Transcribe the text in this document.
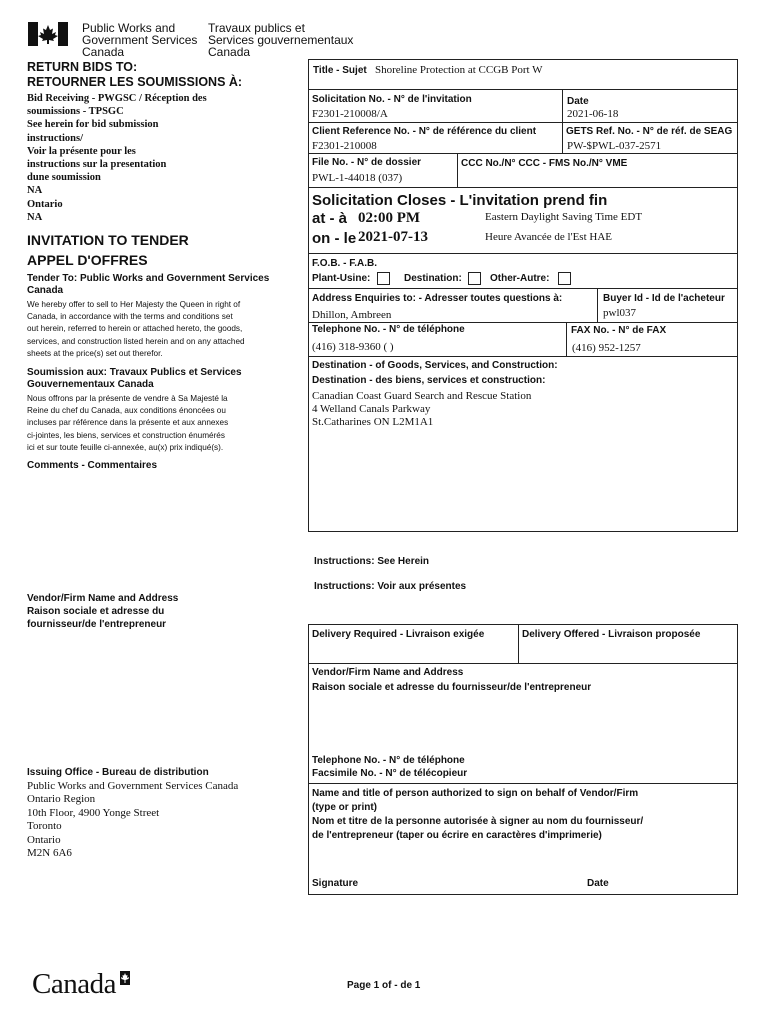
Public Works and
Government Services
Canada
Travaux publics et
Services gouvernementaux
Canada
RETURN BIDS TO:
RETOURNER LES SOUMISSIONS À:
Bid Receiving - PWGSC / Réception des
soumissions - TPSGC
See herein for bid submission
instructions/
Voir la présente pour les
instructions sur la presentation
dune soumission
NA
Ontario
NA
INVITATION TO TENDER
APPEL D'OFFRES
Tender To: Public Works and Government Services
Canada
We hereby offer to sell to Her Majesty the Queen in right of
Canada, in accordance with the terms and conditions set
out herein, referred to herein or attached hereto, the goods,
services, and construction listed herein and on any attached
sheets at the price(s) set out therefor.
Soumission aux: Travaux Publics et Services
Gouvernementaux Canada
Nous offrons par la présente de vendre à Sa Majesté la
Reine du chef du Canada, aux conditions énoncées ou
incluses par référence dans la présente et aux annexes
ci-jointes, les biens, services et construction énumérés
ici et sur toute feuille ci-annexée, au(x) prix indiqué(s).
Comments - Commentaires
Vendor/Firm Name and Address
Raison sociale et adresse du
fournisseur/de l'entrepreneur
Issuing Office - Bureau de distribution
Public Works and Government Services Canada
Ontario Region
10th Floor, 4900 Yonge Street
Toronto
Ontario
M2N 6A6
Title - Sujet Shoreline Protection at CCGB Port W
Solicitation No. - N° de l'invitation
F2301-210008/A
Date
2021-06-18
Client Reference No. - N° de référence du client
F2301-210008
GETS Ref. No. - N° de réf. de SEAG
PW-$PWL-037-2571
File No. - N° de dossier
PWL-1-44018 (037)
CCC No./N° CCC - FMS No./N° VME
Solicitation Closes - L'invitation prend fin
at - à 02:00 PM
on - le 2021-07-13
Eastern Daylight Saving Time EDT
Heure Avancée de l'Est HAE
F.O.B. - F.A.B.
Plant-Usine:	Destination:	Other-Autre:
Address Enquiries to: - Adresser toutes questions à:
Dhillon, Ambreen
Buyer Id - Id de l'acheteur
pwl037
Telephone No. - N° de téléphone
(416) 318-9360 ( )
FAX No. - N° de FAX
(416) 952-1257
Destination - of Goods, Services, and Construction:
Destination - des biens, services et construction:
Canadian Coast Guard Search and Rescue Station
4 Welland Canals Parkway
St.Catharines ON L2M1A1
Instructions: See Herein
Instructions: Voir aux présentes
Delivery Required - Livraison exigée	Delivery Offered - Livraison proposée
Vendor/Firm Name and Address
Raison sociale et adresse du fournisseur/de l'entrepreneur
Telephone No. - N° de téléphone
Facsimile No. - N° de télécopieur
Name and title of person authorized to sign on behalf of Vendor/Firm
(type or print)
Nom et titre de la personne autorisée à signer au nom du fournisseur/
de l'entrepreneur (taper ou écrire en caractères d'imprimerie)
Signature	Date
Canada	Page 1 of - de 1
